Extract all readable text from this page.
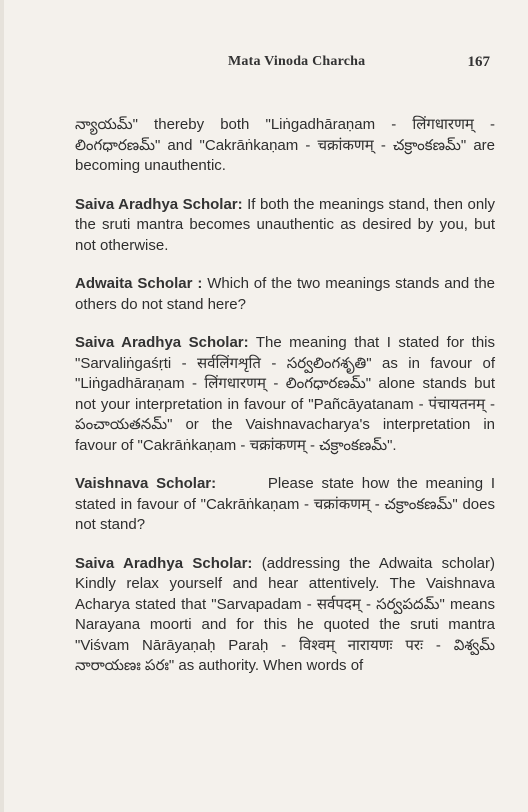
Mata Vinoda Charcha	167

న్యాయమ్" thereby both "Liṅgadhāraṇam - लिंगधारणम् - లింగధారణమ్" and "Cakrāṅkaṇam - चक्रांकणम् - చక్రాంకణమ్" are becoming unauthentic.

Saiva Aradhya Scholar: If both the meanings stand, then only the sruti mantra becomes unauthentic as desired by you, but not otherwise.

Adwaita Scholar : Which of the two meanings stands and the others do not stand here?

Saiva Aradhya Scholar: The meaning that I stated for this "Sarvaliṅgaśṛti - सर्वलिंगशृति - సర్వలింగశృతి" as in favour of "Liṅgadhāraṇam - लिंगधारणम् - లింగధారణమ్" alone stands but not your interpretation in favour of "Pañcāyatanam - पंचायतनम् - పంచాయతనమ్" or the Vaishnavacharya's interpretation in favour of "Cakrāṅkaṇam - चक्रांकणम् - చక్రాంకణమ్".

Vaishnava Scholar:	Please state how the meaning I stated in favour of "Cakrāṅkaṇam - चक्रांकणम् - చక్రాంకణమ్" does not stand?

Saiva Aradhya Scholar: (addressing the Adwaita scholar) Kindly relax yourself and hear attentively. The Vaishnava Acharya stated that "Sarvapadam - सर्वपदम् - సర్వపదమ్" means Narayana moorti and for this he quoted the sruti mantra "Viśvam Nārāyaṇaḥ Paraḥ - विश्वम् नारायणः परः - విశ్వమ్ నారాయణః పరః" as authority. When words of
